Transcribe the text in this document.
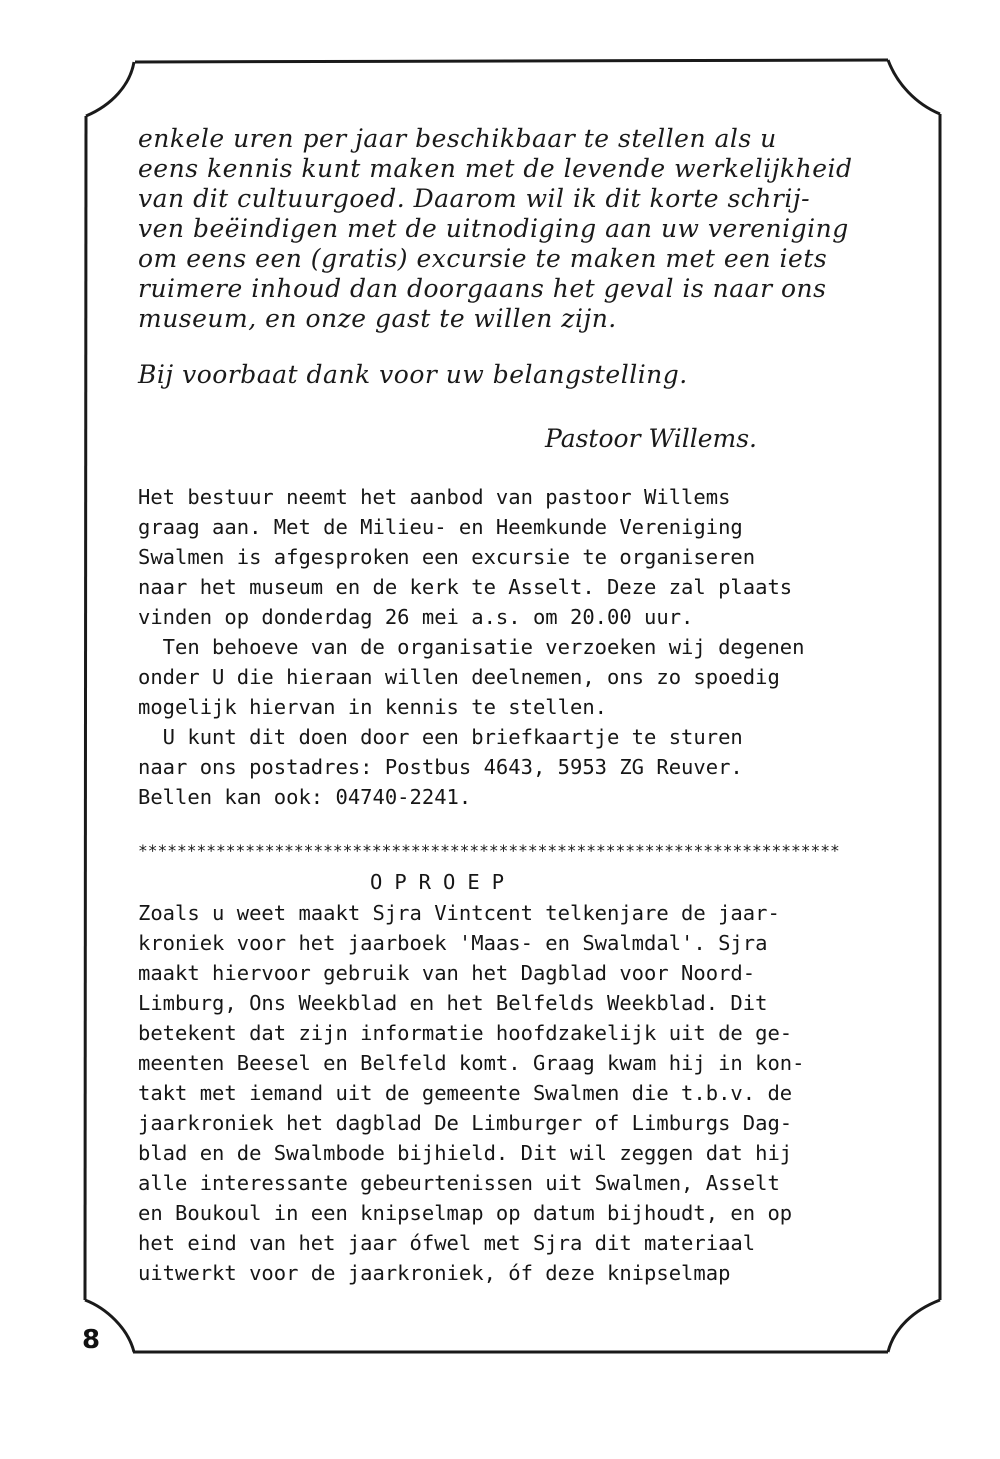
enkele uren per jaar beschikbaar te stellen als u
eens kennis kunt maken met de levende werkelijkheid
van dit cultuurgoed. Daarom wil ik dit korte schrij-
ven beëindigen met de uitnodiging aan uw vereniging
om eens een (gratis) excursie te maken met een iets
ruimere inhoud dan doorgaans het geval is naar ons
museum, en onze gast te willen zijn.
Bij voorbaat dank voor uw belangstelling.
Pastoor Willems.
Het bestuur neemt het aanbod van pastoor Willems
graag aan. Met de Milieu- en Heemkunde Vereniging
Swalmen is afgesproken een excursie te organiseren
naar het museum en de kerk te Asselt. Deze zal plaats
vinden op donderdag 26 mei a.s. om 20.00 uur.
Ten behoeve van de organisatie verzoeken wij degenen
onder U die hieraan willen deelnemen, ons zo spoedig
mogelijk hiervan in kennis te stellen.
U kunt dit doen door een briefkaartje te sturen
naar ons postadres: Postbus 4643, 5953 ZG Reuver.
Bellen kan ook: 04740-2241.
************************************************************************
OPROEP
Zoals u weet maakt Sjra Vintcent telkenjare de jaar-
kroniek voor het jaarboek 'Maas- en Swalmdal'. Sjra
maakt hiervoor gebruik van het Dagblad voor Noord-
Limburg, Ons Weekblad en het Belfelds Weekblad. Dit
betekent dat zijn informatie hoofdzakelijk uit de ge-
meenten Beesel en Belfeld komt. Graag kwam hij in kon-
takt met iemand uit de gemeente Swalmen die t.b.v. de
jaarkroniek het dagblad De Limburger of Limburgs Dag-
blad en de Swalmbode bijhield. Dit wil zeggen dat hij
alle interessante gebeurtenissen uit Swalmen, Asselt
en Boukoul in een knipselmap op datum bijhoudt, en op
het eind van het jaar ófwel met Sjra dit materiaal
uitwerkt voor de jaarkroniek, óf deze knipselmap
8
